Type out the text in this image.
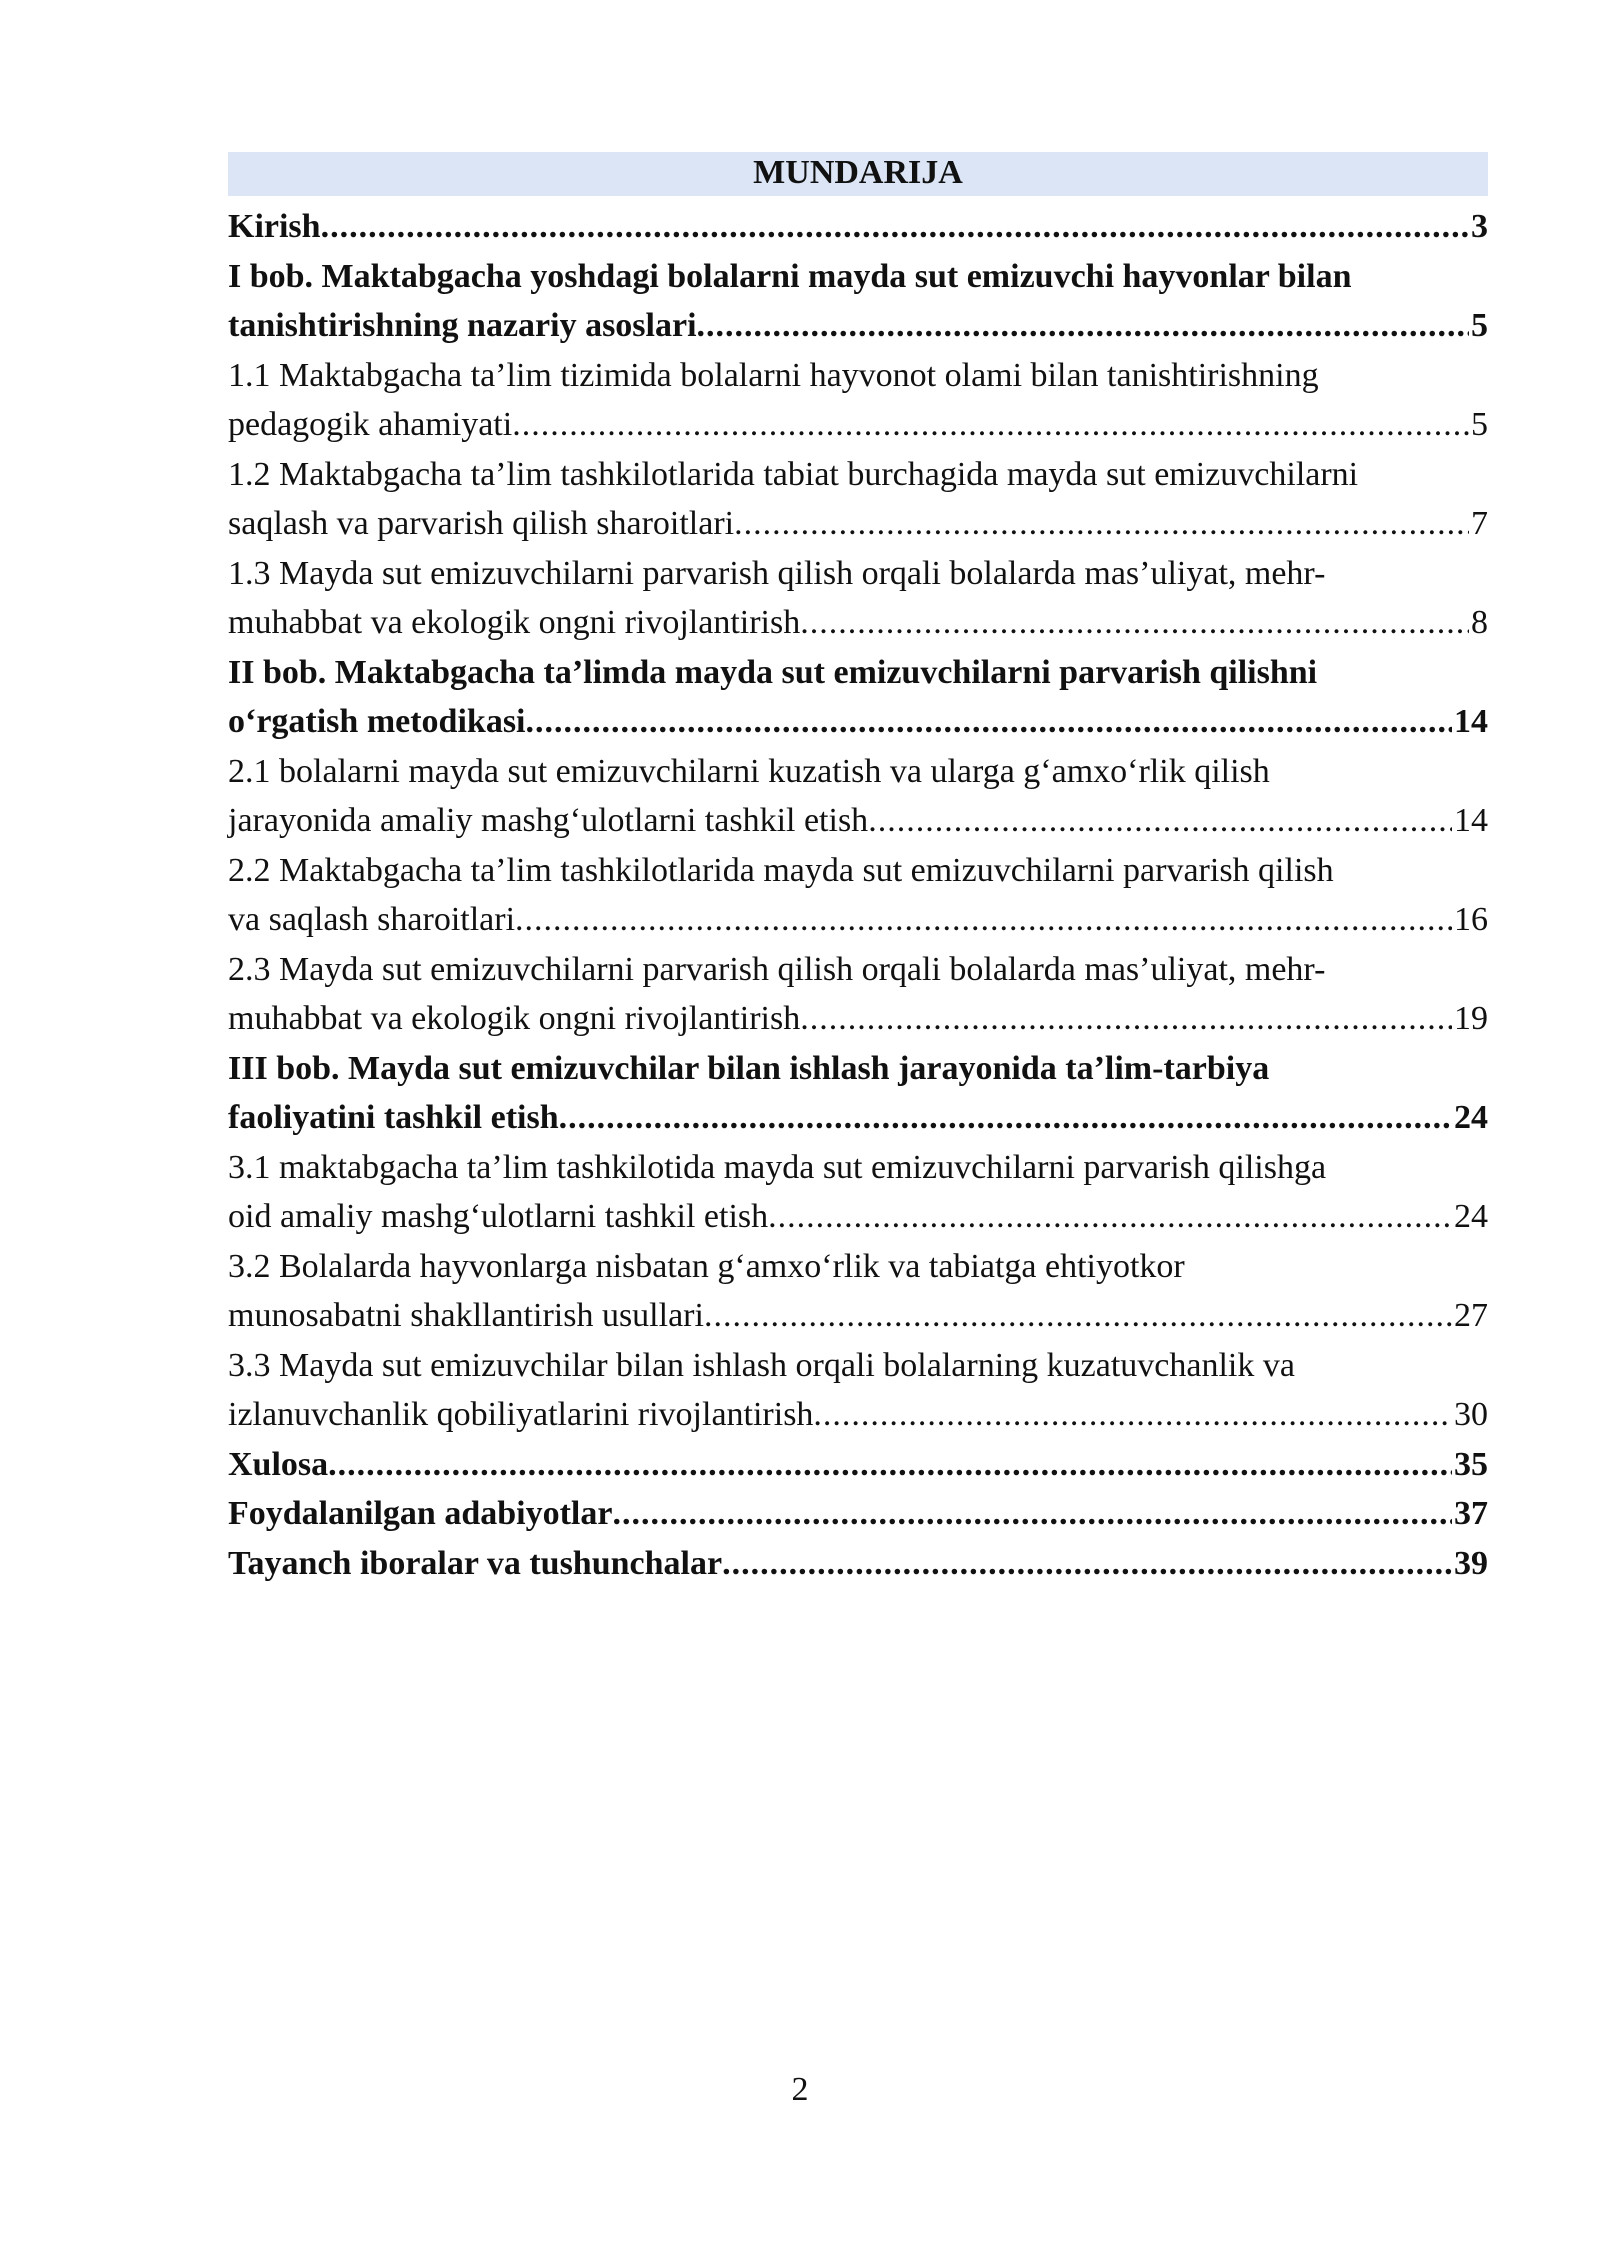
MUNDARIJA
Kirish .....	3
I bob. Maktabgacha yoshdagi bolalarni mayda sut emizuvchi hayvonlar bilan
tanishtirishning nazariy asoslari .....	5
1.1 Maktabgacha ta’lim tizimida bolalarni hayvonot olami bilan tanishtirishning
pedagogik ahamiyati .....	5
1.2 Maktabgacha ta’lim tashkilotlarida tabiat burchagida mayda sut emizuvchilarni
saqlash va parvarish qilish sharoitlari .....	7
1.3 Mayda sut emizuvchilarni parvarish qilish orqali bolalarda mas’uliyat, mehr-
muhabbat va ekologik ongni rivojlantirish .....	8
II bob. Maktabgacha ta’limda mayda sut emizuvchilarni parvarish qilishni
o‘rgatish metodikasi .....	14
2.1 bolalarni mayda sut emizuvchilarni kuzatish va ularga g‘amxo‘rlik qilish
jarayonida amaliy mashg‘ulotlarni tashkil etish .....	14
2.2 Maktabgacha ta’lim tashkilotlarida mayda sut emizuvchilarni parvarish qilish
va saqlash sharoitlari .....	16
2.3 Mayda sut emizuvchilarni parvarish qilish orqali bolalarda mas’uliyat, mehr-
muhabbat va ekologik ongni rivojlantirish .....	19
III bob. Mayda sut emizuvchilar bilan ishlash jarayonida ta’lim-tarbiya
faoliyatini tashkil etish .....	24
3.1 maktabgacha ta’lim tashkilotida mayda sut emizuvchilarni parvarish qilishga
oid amaliy mashg‘ulotlarni tashkil etish .....	24
3.2 Bolalarda hayvonlarga nisbatan g‘amxo‘rlik va tabiatga ehtiyotkor
munosabatni shakllantirish usullari .....	27
3.3 Mayda sut emizuvchilar bilan ishlash orqali bolalarning kuzatuvchanlik va
izlanuvchanlik qobiliyatlarini rivojlantirish .....	30
Xulosa .....	35
Foydalanilgan adabiyotlar .....	37
Tayanch iboralar va tushunchalar .....	39
2
